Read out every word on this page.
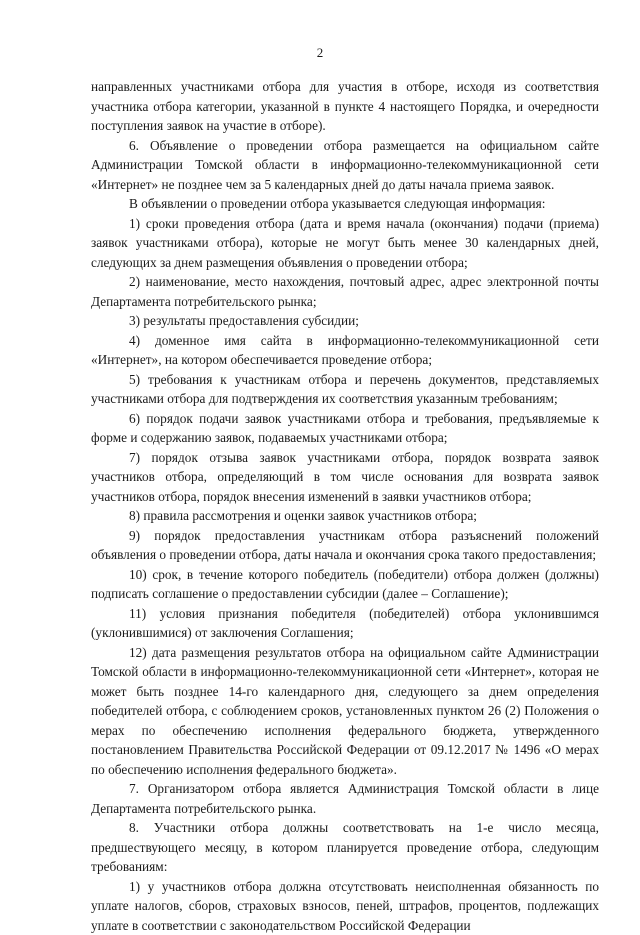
2

направленных участниками отбора для участия в отборе, исходя из соответствия участника отбора категории, указанной в пункте 4 настоящего Порядка, и очередности поступления заявок на участие в отборе).

6. Объявление о проведении отбора размещается на официальном сайте Администрации Томской области в информационно-телекоммуникационной сети «Интернет» не позднее чем за 5 календарных дней до даты начала приема заявок.

В объявлении о проведении отбора указывается следующая информация:

1) сроки проведения отбора (дата и время начала (окончания) подачи (приема) заявок участниками отбора), которые не могут быть менее 30 календарных дней, следующих за днем размещения объявления о проведении отбора;

2) наименование, место нахождения, почтовый адрес, адрес электронной почты Департамента потребительского рынка;

3) результаты предоставления субсидии;

4) доменное имя сайта в информационно-телекоммуникационной сети «Интернет», на котором обеспечивается проведение отбора;

5) требования к участникам отбора и перечень документов, представляемых участниками отбора для подтверждения их соответствия указанным требованиям;

6) порядок подачи заявок участниками отбора и требования, предъявляемые к форме и содержанию заявок, подаваемых участниками отбора;

7) порядок отзыва заявок участниками отбора, порядок возврата заявок участников отбора, определяющий в том числе основания для возврата заявок участников отбора, порядок внесения изменений в заявки участников отбора;

8) правила рассмотрения и оценки заявок участников отбора;

9) порядок предоставления участникам отбора разъяснений положений объявления о проведении отбора, даты начала и окончания срока такого предоставления;

10) срок, в течение которого победитель (победители) отбора должен (должны) подписать соглашение о предоставлении субсидии (далее – Соглашение);

11) условия признания победителя (победителей) отбора уклонившимся (уклонившимися) от заключения Соглашения;

12) дата размещения результатов отбора на официальном сайте Администрации Томской области в информационно-телекоммуникационной сети «Интернет», которая не может быть позднее 14-го календарного дня, следующего за днем определения победителей отбора, с соблюдением сроков, установленных пунктом 26 (2) Положения о мерах по обеспечению исполнения федерального бюджета, утвержденного постановлением Правительства Российской Федерации от 09.12.2017 № 1496 «О мерах по обеспечению исполнения федерального бюджета».

7. Организатором отбора является Администрация Томской области в лице Департамента потребительского рынка.

8. Участники отбора должны соответствовать на 1-е число месяца, предшествующего месяцу, в котором планируется проведение отбора, следующим требованиям:

1) у участников отбора должна отсутствовать неисполненная обязанность по уплате налогов, сборов, страховых взносов, пеней, штрафов, процентов, подлежащих уплате в соответствии с законодательством Российской Федерации
